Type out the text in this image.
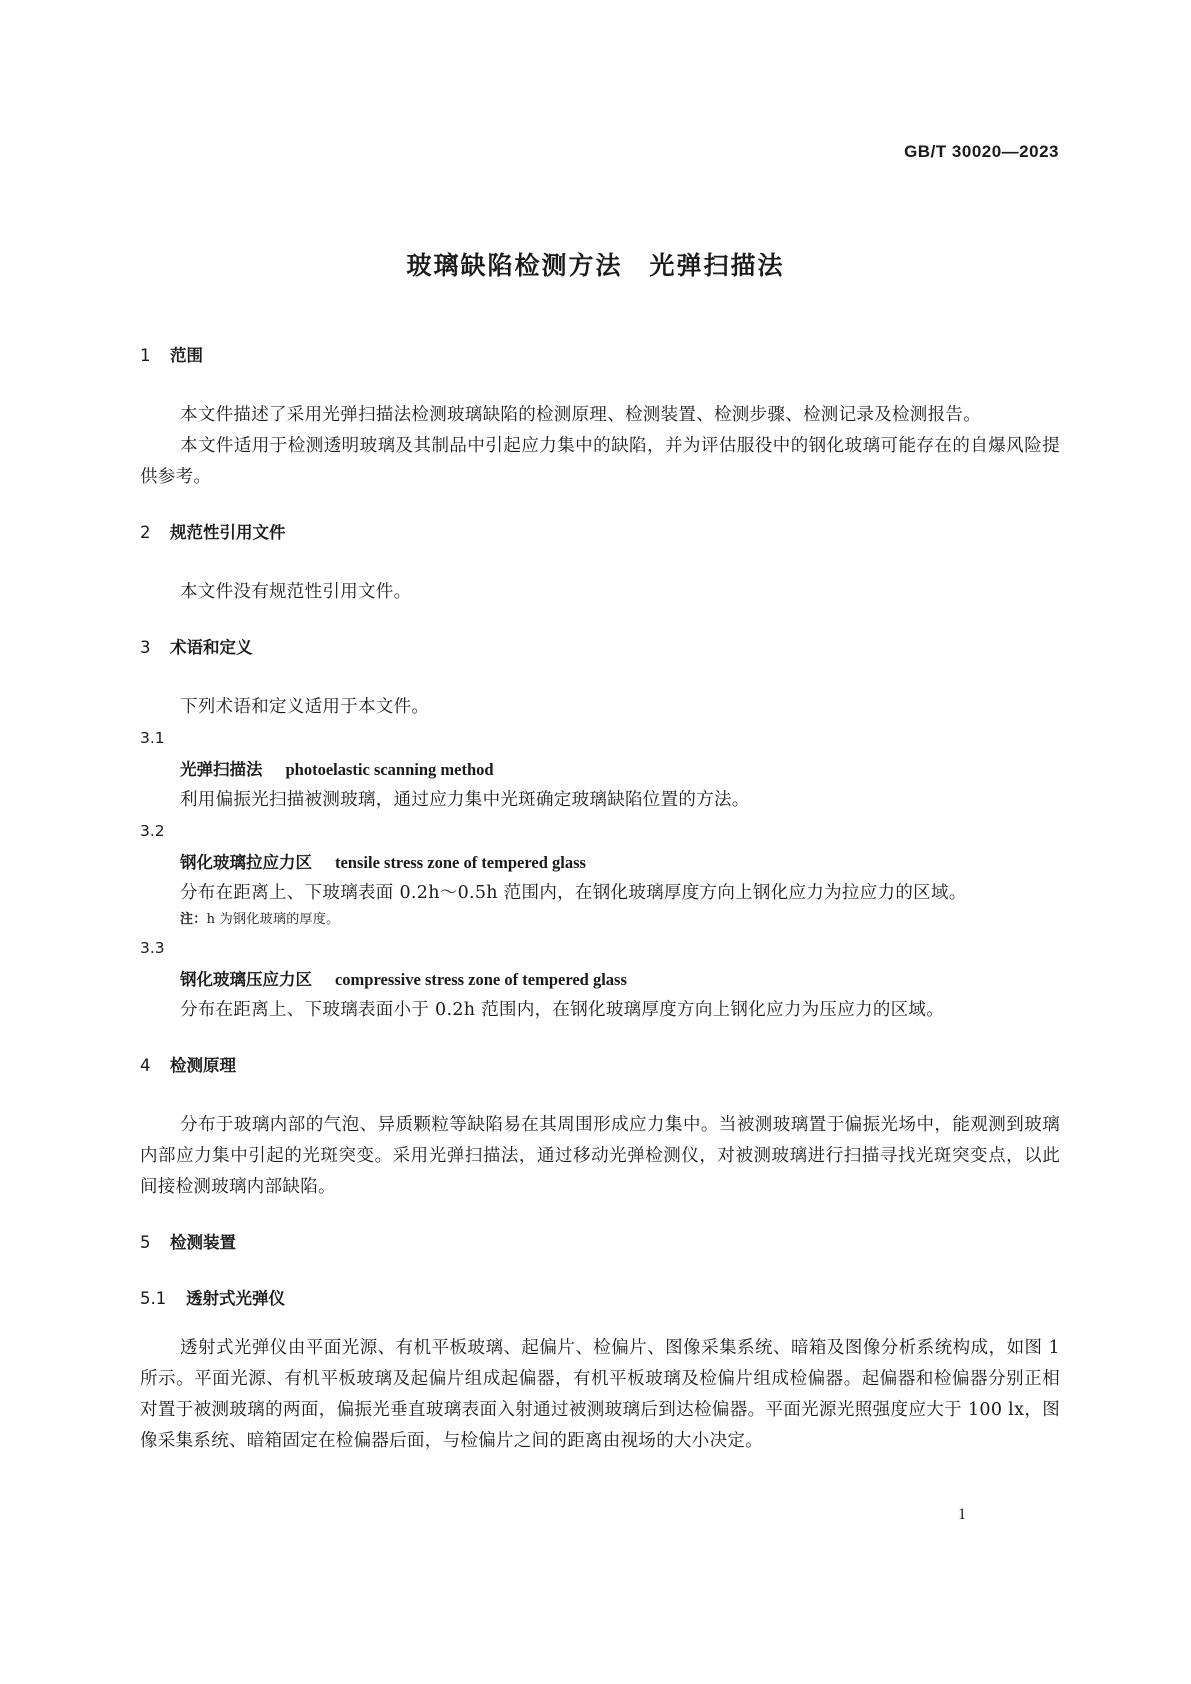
GB/T 30020—2023
玻璃缺陷检测方法　光弹扫描法
1 范围
本文件描述了采用光弹扫描法检测玻璃缺陷的检测原理、检测装置、检测步骤、检测记录及检测报告。
本文件适用于检测透明玻璃及其制品中引起应力集中的缺陷，并为评估服役中的钢化玻璃可能存在的自爆风险提供参考。
2 规范性引用文件
本文件没有规范性引用文件。
3 术语和定义
下列术语和定义适用于本文件。
3.1
光弹扫描法 photoelastic scanning method
利用偏振光扫描被测玻璃，通过应力集中光斑确定玻璃缺陷位置的方法。
3.2
钢化玻璃拉应力区 tensile stress zone of tempered glass
分布在距离上、下玻璃表面 0.2h～0.5h 范围内，在钢化玻璃厚度方向上钢化应力为拉应力的区域。
注：h 为钢化玻璃的厚度。
3.3
钢化玻璃压应力区 compressive stress zone of tempered glass
分布在距离上、下玻璃表面小于 0.2h 范围内，在钢化玻璃厚度方向上钢化应力为压应力的区域。
4 检测原理
分布于玻璃内部的气泡、异质颗粒等缺陷易在其周围形成应力集中。当被测玻璃置于偏振光场中，能观测到玻璃内部应力集中引起的光斑突变。采用光弹扫描法，通过移动光弹检测仪，对被测玻璃进行扫描寻找光斑突变点，以此间接检测玻璃内部缺陷。
5 检测装置
5.1 透射式光弹仪
透射式光弹仪由平面光源、有机平板玻璃、起偏片、检偏片、图像采集系统、暗箱及图像分析系统构成，如图 1 所示。平面光源、有机平板玻璃及起偏片组成起偏器，有机平板玻璃及检偏片组成检偏器。起偏器和检偏器分别正相对置于被测玻璃的两面，偏振光垂直玻璃表面入射通过被测玻璃后到达检偏器。平面光源光照强度应大于 100 lx，图像采集系统、暗箱固定在检偏器后面，与检偏片之间的距离由视场的大小决定。
1
